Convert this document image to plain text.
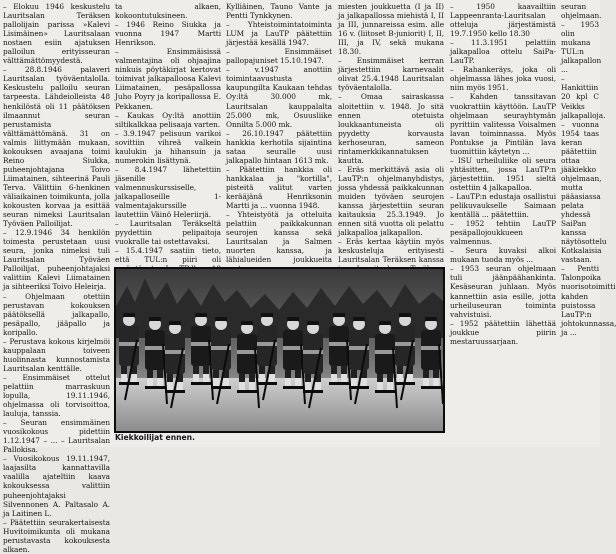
– Elokuu 1946 keskustelu Lauritsalan Teräksen pallolijain parissa »Kalevi Lisimäinen» Lauritsalaan nostaen esiin ajatuksen palloilun erityisseuran välttämättömyydestä.

– 28.8.1946 palaveri Lauritsalan työväentalolla. Keskustelu palloilu seuran tarpeesta. Lähdeiolleista 48 henkilöstä oli 11 päätöksen ilmaannut seuran perustamista välttämättömänä. 31 on valmis liittymään mukaan, kokouksen avaajana toimi Reino Siukka, puheenjohtajana Toivo Liimatainen, sihteerinä Pauli Terva. Välittiin 6-henkinen väliaikainen toimikunta, jolla kokousten korvaa ja esittää seuran nimeksi Lauritsalan Työväen Palloilijat.

– 12.9.1946 34 henkilön toimesta perustetaan uusi seura, jonka nimeksi tuli Lauritsalan Työväen Palloilijat, puheenjohtajaksi valittiin Kalevi Liimatainen ja sihteeriksi Toivo Heleirja.

– Ohjelmaan otettiin perustavan kokouksen päätöksellä jalkapallo, pesäpallo, jääpallo ja koripallo.

– Perustava kokous kirjelmöi kauppalaan toiveen huolinnasta kunnostamista Lauritsalan kenttälle.

– Ensimmäiset ottelut pelattiin marraskuun lopulla, 19.11.1946, ohjelmassa oli torvisoittoa, lauluja, tanssia.

– Seuran ensimmäinen vuosikokous pidettiin 1.12.1947 – ... – Lauritsalan Pallokisa.

– Vuosikokous 19.11.1947, laajasilta kannattavilla vaalilla ajateltiin kaava kokouksessa valittiin puheenjohtajaksi Silvennonen A. Paltasalo A. ja Laitinen L.

– Päätettiin seurakertaisesta Huvitoimikunta oli mukana perustavasta kokouksesta alkaen.

ta alkaen, kokoontutuksineen.

– 1946 Reino Siukka ja vuonna 1947 Martti Henrikson.

– Ensimmäisissä valmentajina oli ohjaajina ninkuis pöytäkirjat kertovat toimivat jalkapalloosa Kalevi Liimatainen, pesäpallossa Juho Poyry ja koripallossa E. Pekkanen.

– Kaukas Oy:ltä anottiin siltikalkkaa pelisaaja varten.

– 3.9.1947 pelisuun varikoi sovittiin vihreä valkein kaulukin ja hihansuin ja numerokin lisättynä.

– 8.4.1947 lähetettiin jäsenille valmennuskurssiselle, jalkapalloseille 1-valmentajakurssille lautettiin Väinö Heleriirjä.

– Lauritsalan Teräkseltä pyydettiin pelipaitoja vuokralle tai ostettavaksi.

– 15.4.1947 saatiin tieto, että TUL:n piiri oli

Kylliäinen, Tauno Vante ja Pentti Tynkkynen.

– Yhteistoimintatoiminta LUM ja LauTP päätettiin järjestää kesällä 1947.

– Ensimmäiset pallopajuniset 15.10.1947.

– v.1947 anottiin toimintaavustusta kaupungilta Kaukaan tehdas Oy:ltä 30.000 mk, Lauritsalan kauppalalta 25.000 mk, Osuusliike Onnilta 5.000 mk.

– 26.10.1947 päätettiin hankkia kerhotila sijaintina sataa seuralle uusi jalkapallo hintaan 1613 mk.

– Päätettiin hankkia oli hankkalaa ja "kortilla", pisteitä valitut varten kerääjänä Henriksonin Martti ja ... vuonna 1948.

– Yhteistyötä ja otteluita pelattiin paikkakunnan seurojen kanssa sekä Lauritsalan ja Salmen nuorten kanssa, ja lähialueiden joukkueita

miesten joukkuetta (I ja II) ja jalkapallossa miehistä I, II ja III, junnareissa esim. alle 16 v. (liitoset B-juniorit) I, II, III, ja IV, sekä mukana 18.30.

– Ensimmäiset kerran järjestettiin karnevaalit olivat 25.4.1948 Lauritsalan työväentalolla.

– Omaa sairaskassa aloitettiin v. 1948. Jo sitä ennen otetuista loukkaantuneista oli pyydetty korvausta kerhoseuran, sameon rintamerkkikannatuksen kautta.

– Eräs merkittävä asia oli LauTP:n ohjelmanyhdistys, jossa yhdessä paikkakunnan muiden työväen seurojen kanssa järjestettiin seuran kaitauksia 25.3.1949. Jo ennen sitä vuotta oli pelattu jalkapalloa jalkapallon.

– Eräs kertaa käytiin myös keskusteluja erityisesti Lauritsalan Teräksen kanssa

– 1950 kaavailtiin Lappeenranta-Lauritsalan otteluja järjestämistä 19.7.1950 kello 18.30

– 11.3.1951 pelattiin jalkapalloa ottelu SaiPa-LauTP.

– Rahankeräys, joka oli ohjelmassa lähes joka vuosi, niin myös 1951.

– Kahden tanssitavan vuokrattiin käyttöön. LauTP ohjelmaan seurayhtymän pyrittiin valitessa Voisalmen lavan toiminnassa. Myös Pontukse ja Pintilän lava tuomittiin käytetyn ...

– ISU urheiluliike oli seura yhtäsitten, jossa LauTP:n järjestettiin. 1951 sieltä ostettiin 4 jalkapalloa.

– LauTP:n edustaja osallistui pelikuvaukselle Saimaan kentällä ... päätettiin.

– 1952 tehtiin LauTP pesäpallojoukkueen valmennus.

– Seura kuvaksi alkoi mukaan tuoda myös ...

– 1953 seuran ohjelmaan tuli jäänpäähankinta. Kesäseuran juhlaan. Myös kannettiin asia esille, jotta urheiluseuran toiminta vahvistuisi.

– 1952 päätettiin lähettää joukkue piirin mestaruussarjaan.

seuran ohjelmaan.

– 1953 olin mukana TUL:n jalkapallon ...

– Hankittiin 20 kpl C Veikks jalkapalloja.

– vuonna 1954 taas keran päätettiin ottaa jääkiekko ohjelmaan, mutta pääasiassa pelata yhdessä SaiPan kanssa näytösottelu Kotkalaisia vastaan.

– Pentti Talonpoika nuorisotoimitti kahden puistossa LauTP:n johtokunnassa, ja ...

Kiekkoilijat ennen.
